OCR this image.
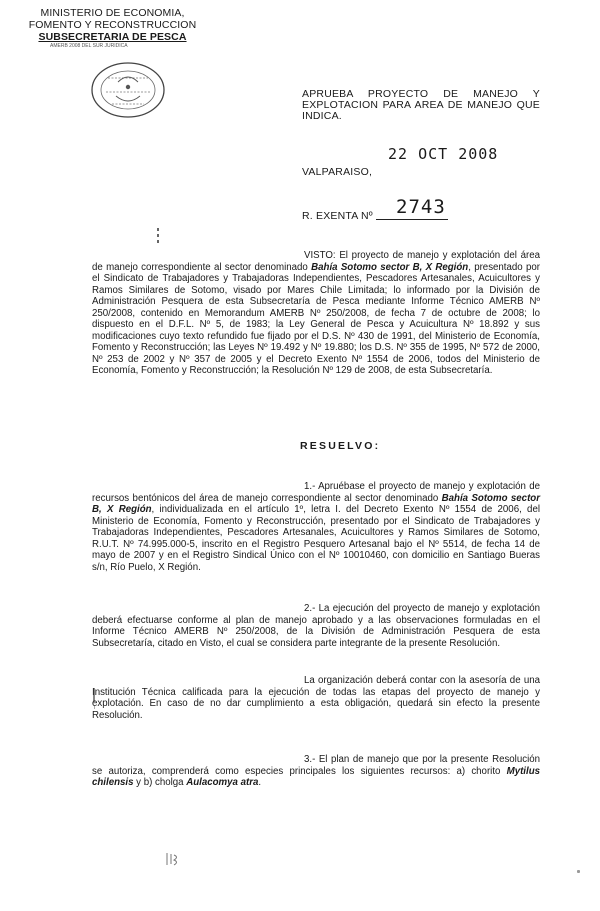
MINISTERIO DE ECONOMIA,
FOMENTO Y RECONSTRUCCION
SUBSECRETARIA DE PESCA
AMERB 2008 DEL SUR JURIDICA
APRUEBA PROYECTO DE MANEJO Y EXPLOTACION PARA AREA DE MANEJO QUE INDICA.
22 OCT 2008
VALPARAISO,
2743
R. EXENTA Nº
VISTO: El proyecto de manejo y explotación del área de manejo correspondiente al sector denominado Bahía Sotomo sector B, X Región, presentado por el Sindicato de Trabajadores y Trabajadoras Independientes, Pescadores Artesanales, Acuicultores y Ramos Similares de Sotomo, visado por Mares Chile Limitada; lo informado por la División de Administración Pesquera de esta Subsecretaría de Pesca mediante Informe Técnico AMERB Nº 250/2008, contenido en Memorandum AMERB Nº 250/2008, de fecha 7 de octubre de 2008; lo dispuesto en el D.F.L. Nº 5, de 1983; la Ley General de Pesca y Acuicultura Nº 18.892 y sus modificaciones cuyo texto refundido fue fijado por el D.S. Nº 430 de 1991, del Ministerio de Economía, Fomento y Reconstrucción; las Leyes Nº 19.492 y Nº 19.880; los D.S. Nº 355 de 1995, Nº 572 de 2000, Nº 253 de 2002 y Nº 357 de 2005 y el Decreto Exento Nº 1554 de 2006, todos del Ministerio de Economía, Fomento y Reconstrucción; la Resolución Nº 129 de 2008, de esta Subsecretaría.
RESUELVO:
1.- Apruébase el proyecto de manejo y explotación de recursos bentónicos del área de manejo correspondiente al sector denominado Bahía Sotomo sector B, X Región, individualizada en el artículo 1º, letra I. del Decreto Exento Nº 1554 de 2006, del Ministerio de Economía, Fomento y Reconstrucción, presentado por el Sindicato de Trabajadores y Trabajadoras Independientes, Pescadores Artesanales, Acuicultores y Ramos Similares de Sotomo, R.U.T. Nº 74.995.000-5, inscrito en el Registro Pesquero Artesanal bajo el Nº 5514, de fecha 14 de mayo de 2007 y en el Registro Sindical Único con el Nº 10010460, con domicilio en Santiago Bueras s/n, Río Puelo, X Región.
2.- La ejecución del proyecto de manejo y explotación deberá efectuarse conforme al plan de manejo aprobado y a las observaciones formuladas en el Informe Técnico AMERB Nº 250/2008, de la División de Administración Pesquera de esta Subsecretaría, citado en Visto, el cual se considera parte integrante de la presente Resolución.
La organización deberá contar con la asesoría de una Institución Técnica calificada para la ejecución de todas las etapas del proyecto de manejo y explotación. En caso de no dar cumplimiento a esta obligación, quedará sin efecto la presente Resolución.
3.- El plan de manejo que por la presente Resolución se autoriza, comprenderá como especies principales los siguientes recursos: a) chorito Mytilus chilensis y b) cholga Aulacomya atra.
